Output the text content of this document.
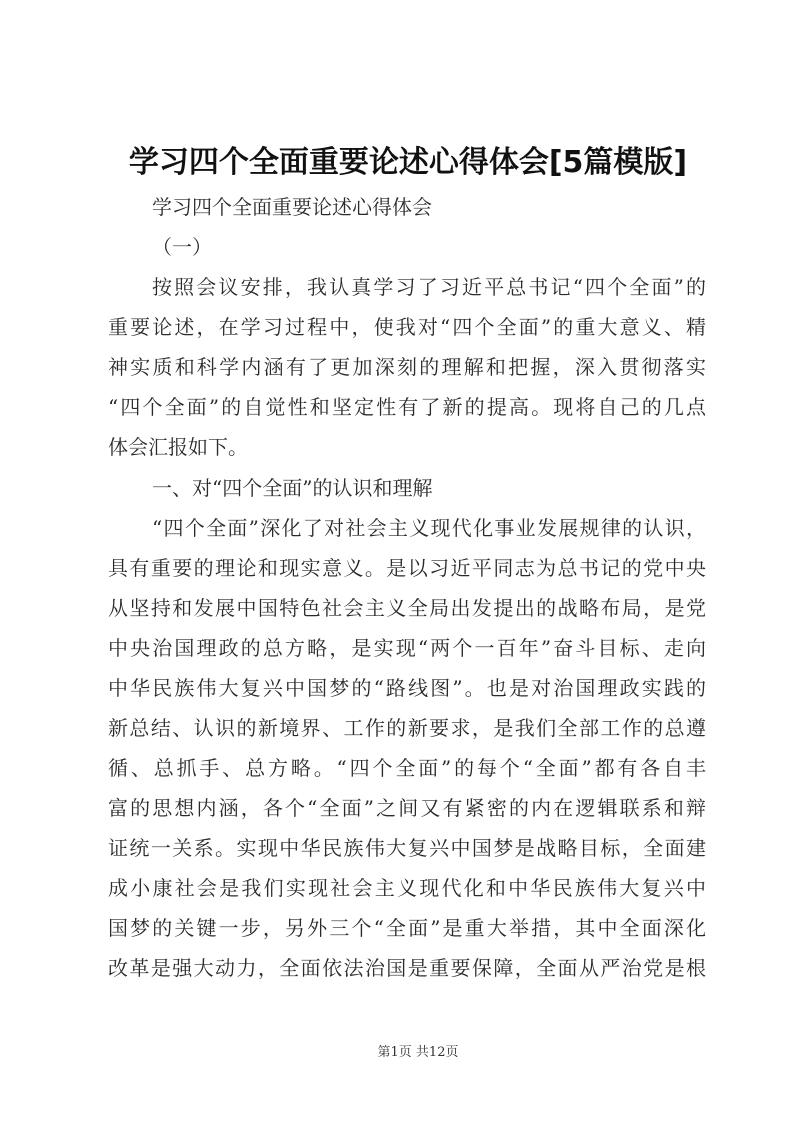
学习四个全面重要论述心得体会[5篇模版]
学习四个全面重要论述心得体会
（一）
按照会议安排，我认真学习了习近平总书记“四个全面”的
重要论述，在学习过程中，使我对“四个全面”的重大意义、精
神实质和科学内涵有了更加深刻的理解和把握，深入贯彻落实
“四个全面”的自觉性和坚定性有了新的提高。现将自己的几点
体会汇报如下。
一、对“四个全面”的认识和理解
“四个全面”深化了对社会主义现代化事业发展规律的认识，
具有重要的理论和现实意义。是以习近平同志为总书记的党中央
从坚持和发展中国特色社会主义全局出发提出的战略布局，是党
中央治国理政的总方略，是实现“两个一百年”奋斗目标、走向
中华民族伟大复兴中国梦的“路线图”。也是对治国理政实践的
新总结、认识的新境界、工作的新要求，是我们全部工作的总遵
循、总抓手、总方略。“四个全面”的每个“全面”都有各自丰
富的思想内涵，各个“全面”之间又有紧密的内在逻辑联系和辩
证统一关系。实现中华民族伟大复兴中国梦是战略目标，全面建
成小康社会是我们实现社会主义现代化和中华民族伟大复兴中
国梦的关键一步，另外三个“全面”是重大举措，其中全面深化
改革是强大动力，全面依法治国是重要保障，全面从严治党是根
第1页 共12页
